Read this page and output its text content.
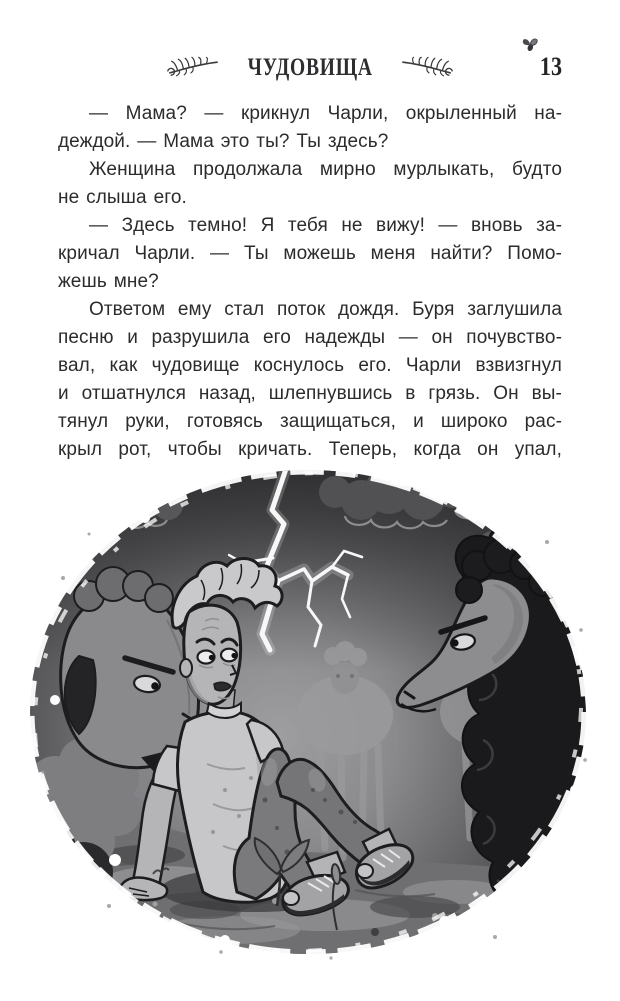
ЧУДОВИЩА	13
— Мама? — крикнул Чарли, окрыленный на-
деждой. — Мама это ты? Ты здесь?
Женщина продолжала мирно мурлыкать, будто
не слыша его.
— Здесь темно! Я тебя не вижу! — вновь за-
кричал Чарли. — Ты можешь меня найти? Помо-
жешь мне?
Ответом ему стал поток дождя. Буря заглушила
песню и разрушила его надежды — он почувство-
вал, как чудовище коснулось его. Чарли взвизгнул
и отшатнулся назад, шлепнувшись в грязь. Он вы-
тянул руки, готовясь защищаться, и широко рас-
крыл рот, чтобы кричать. Теперь, когда он упал,
